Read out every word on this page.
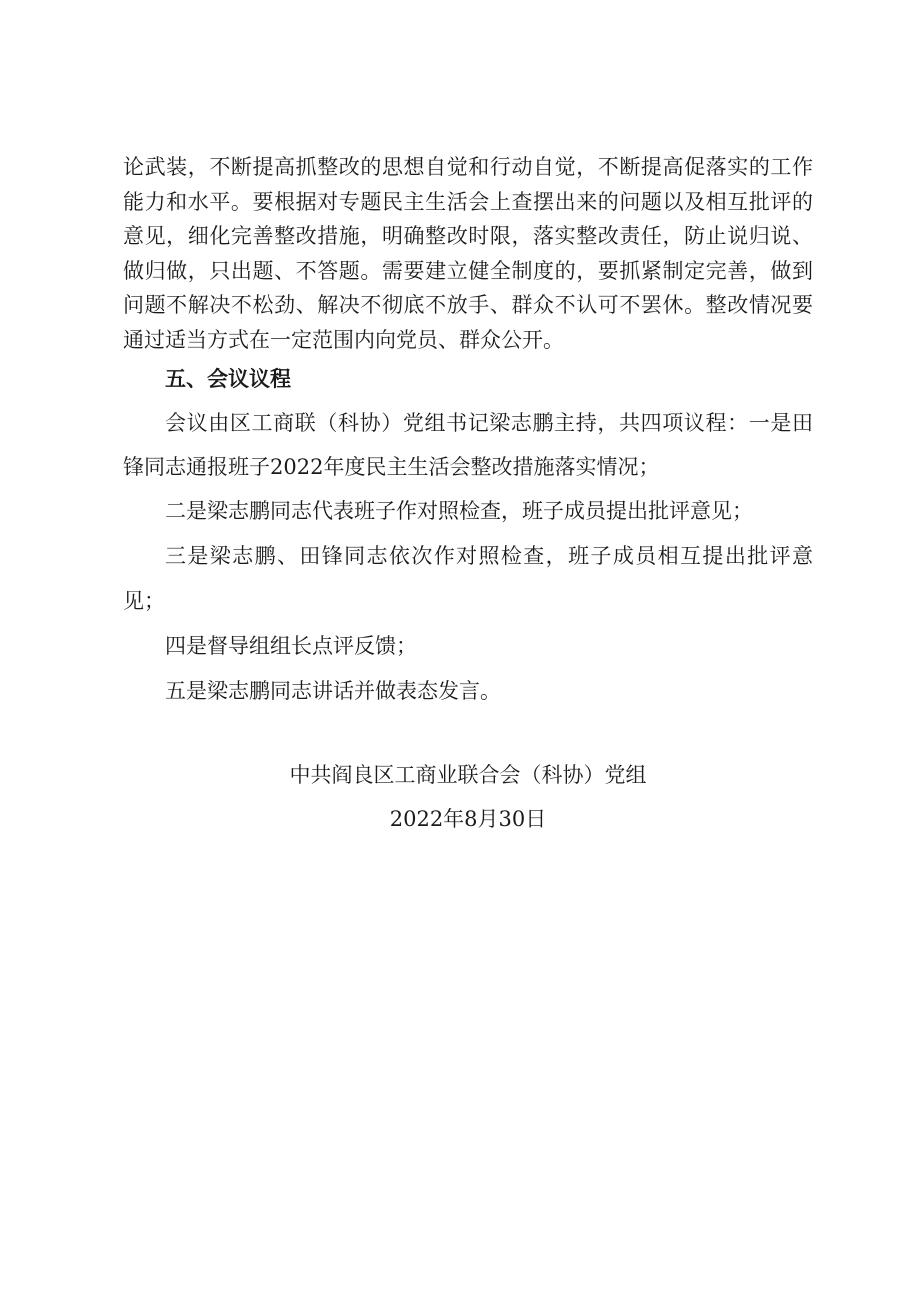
论武装，不断提高抓整改的思想自觉和行动自觉，不断提高促落实的工作能力和水平。要根据对专题民主生活会上查摆出来的问题以及相互批评的意见，细化完善整改措施，明确整改时限，落实整改责任，防止说归说、做归做，只出题、不答题。需要建立健全制度的，要抓紧制定完善，做到问题不解决不松劲、解决不彻底不放手、群众不认可不罢休。整改情况要通过适当方式在一定范围内向党员、群众公开。

五、会议议程

会议由区工商联（科协）党组书记梁志鹏主持，共四项议程：一是田锋同志通报班子2022年度民主生活会整改措施落实情况；

二是梁志鹏同志代表班子作对照检查，班子成员提出批评意见；

三是梁志鹏、田锋同志依次作对照检查，班子成员相互提出批评意见；

四是督导组组长点评反馈；

五是梁志鹏同志讲话并做表态发言。

中共阎良区工商业联合会（科协）党组
2022年8月30日
